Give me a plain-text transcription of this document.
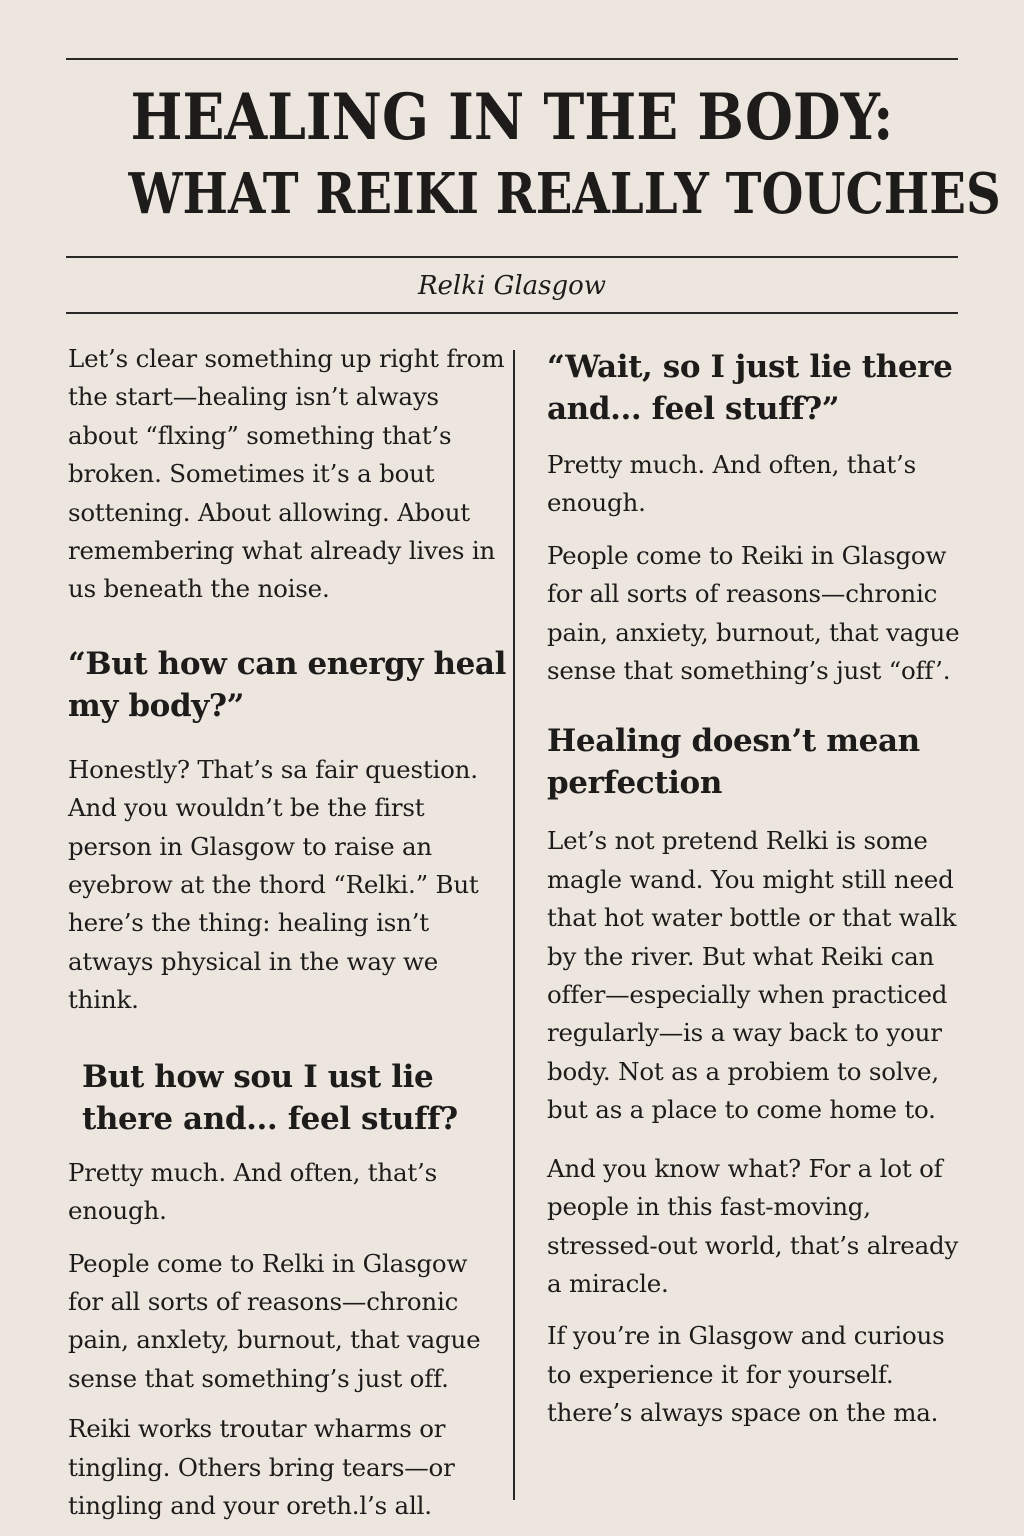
HEALING IN THE BODY:
WHAT REIKI REALLY TOUCHES
Relki Glasgow

Let’s clear something up right from the start—healing isn’t always about “flxing” something that’s broken. Sometimes it’s a bout sottening. About allowing. About remembering what already lives in us beneath the noise.

“But how can energy heal my body?”

Honestly? That’s sa fair question. And you wouldn’t be the first person in Glasgow to raise an eyebrow at the thord “Relki.” But here’s the thing: healing isn’t atways physical in the way we think.

But how sou I ust lie there and... feel stuff?

Pretty much. And often, that’s enough.

People come to Relki in Glasgow for all sorts of reasons—chronic pain, anxlety, burnout, that vague sense that something’s just off.

Reiki works troutar wharms or tingling. Others bring tears—or tingling and your oreth.l’s all.

“Wait, so I just lie there and... feel stuff?”

Pretty much. And often, that’s enough.

People come to Reiki in Glasgow for all sorts of reasons—chronic pain, anxiety, burnout, that vague sense that something’s just “off’.

Healing doesn’t mean perfection

Let’s not pretend Relki is some magle wand. You might still need that hot water bottle or that walk by the river. But what Reiki can offer—especially when practiced regularly—is a way back to your body. Not as a probiem to solve, but as a place to come home to.

And you know what? For a lot of people in this fast-moving, stressed-out world, that’s already a miracle.

If you’re in Glasgow and curious to experience it for yourself. there’s always space on the ma.
